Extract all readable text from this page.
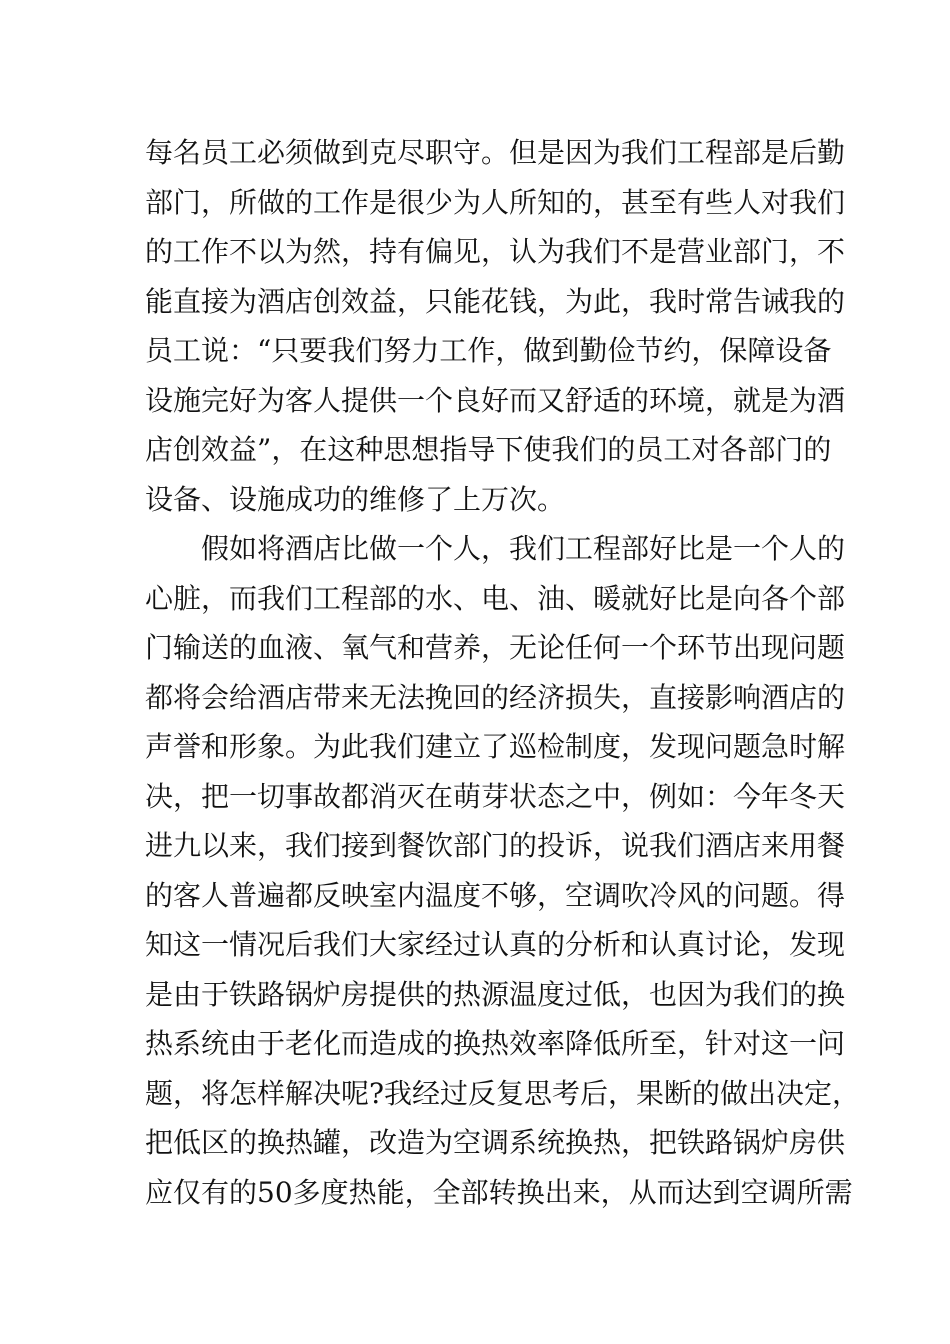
每名员工必须做到克尽职守。但是因为我们工程部是后勤
部门，所做的工作是很少为人所知的，甚至有些人对我们
的工作不以为然，持有偏见，认为我们不是营业部门，不
能直接为酒店创效益，只能花钱，为此，我时常告诫我的
员工说：“只要我们努力工作，做到勤俭节约，保障设备
设施完好为客人提供一个良好而又舒适的环境，就是为酒
店创效益”，在这种思想指导下使我们的员工对各部门的
设备、设施成功的维修了上万次。
　　假如将酒店比做一个人，我们工程部好比是一个人的
心脏，而我们工程部的水、电、油、暖就好比是向各个部
门输送的血液、氧气和营养，无论任何一个环节出现问题
都将会给酒店带来无法挽回的经济损失，直接影响酒店的
声誉和形象。为此我们建立了巡检制度，发现问题急时解
决，把一切事故都消灭在萌芽状态之中，例如：今年冬天
进九以来，我们接到餐饮部门的投诉，说我们酒店来用餐
的客人普遍都反映室内温度不够，空调吹冷风的问题。得
知这一情况后我们大家经过认真的分析和认真讨论，发现
是由于铁路锅炉房提供的热源温度过低，也因为我们的换
热系统由于老化而造成的换热效率降低所至，针对这一问
题，将怎样解决呢?我经过反复思考后，果断的做出决定，
把低区的换热罐，改造为空调系统换热，把铁路锅炉房供
应仅有的50多度热能，全部转换出来，从而达到空调所需
